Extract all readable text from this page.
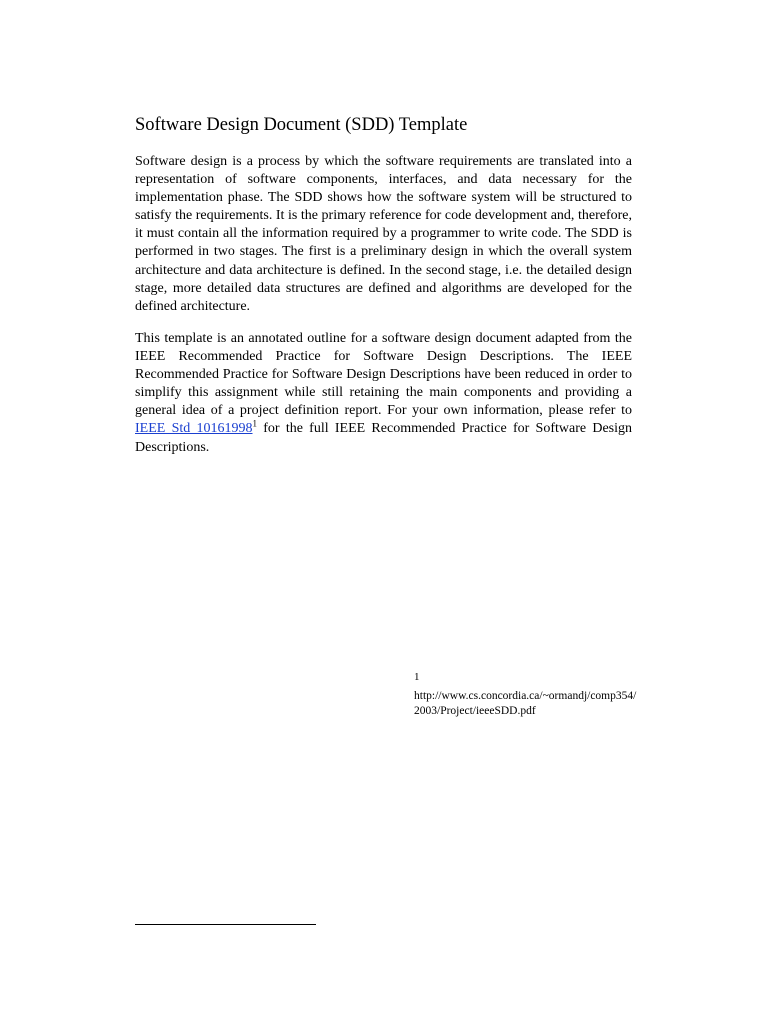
Software Design Document (SDD) Template

Software design is a process by which the software requirements are translated into a representation of software components, interfaces, and data necessary for the implementation phase. The SDD shows how the software system will be structured to satisfy the requirements. It is the primary reference for code development and, therefore, it must contain all the information required by a programmer to write code. The SDD is performed in two stages. The first is a preliminary design in which the overall system architecture and data architecture is defined. In the second stage, i.e. the detailed design stage, more detailed data structures are defined and algorithms are developed for the defined architecture.

This template is an annotated outline for a software design document adapted from the IEEE Recommended Practice for Software Design Descriptions. The IEEE Recommended Practice for Software Design Descriptions have been reduced in order to simplify this assignment while still retaining the main components and providing a general idea of a project definition report. For your own information, please refer to IEEE Std 10161998$^1$ for the full IEEE Recommended Practice for Software Design Descriptions.

1
http://www.cs.concordia.ca/~ormandj/comp354/2003/Project/ieeeSDD.pdf
